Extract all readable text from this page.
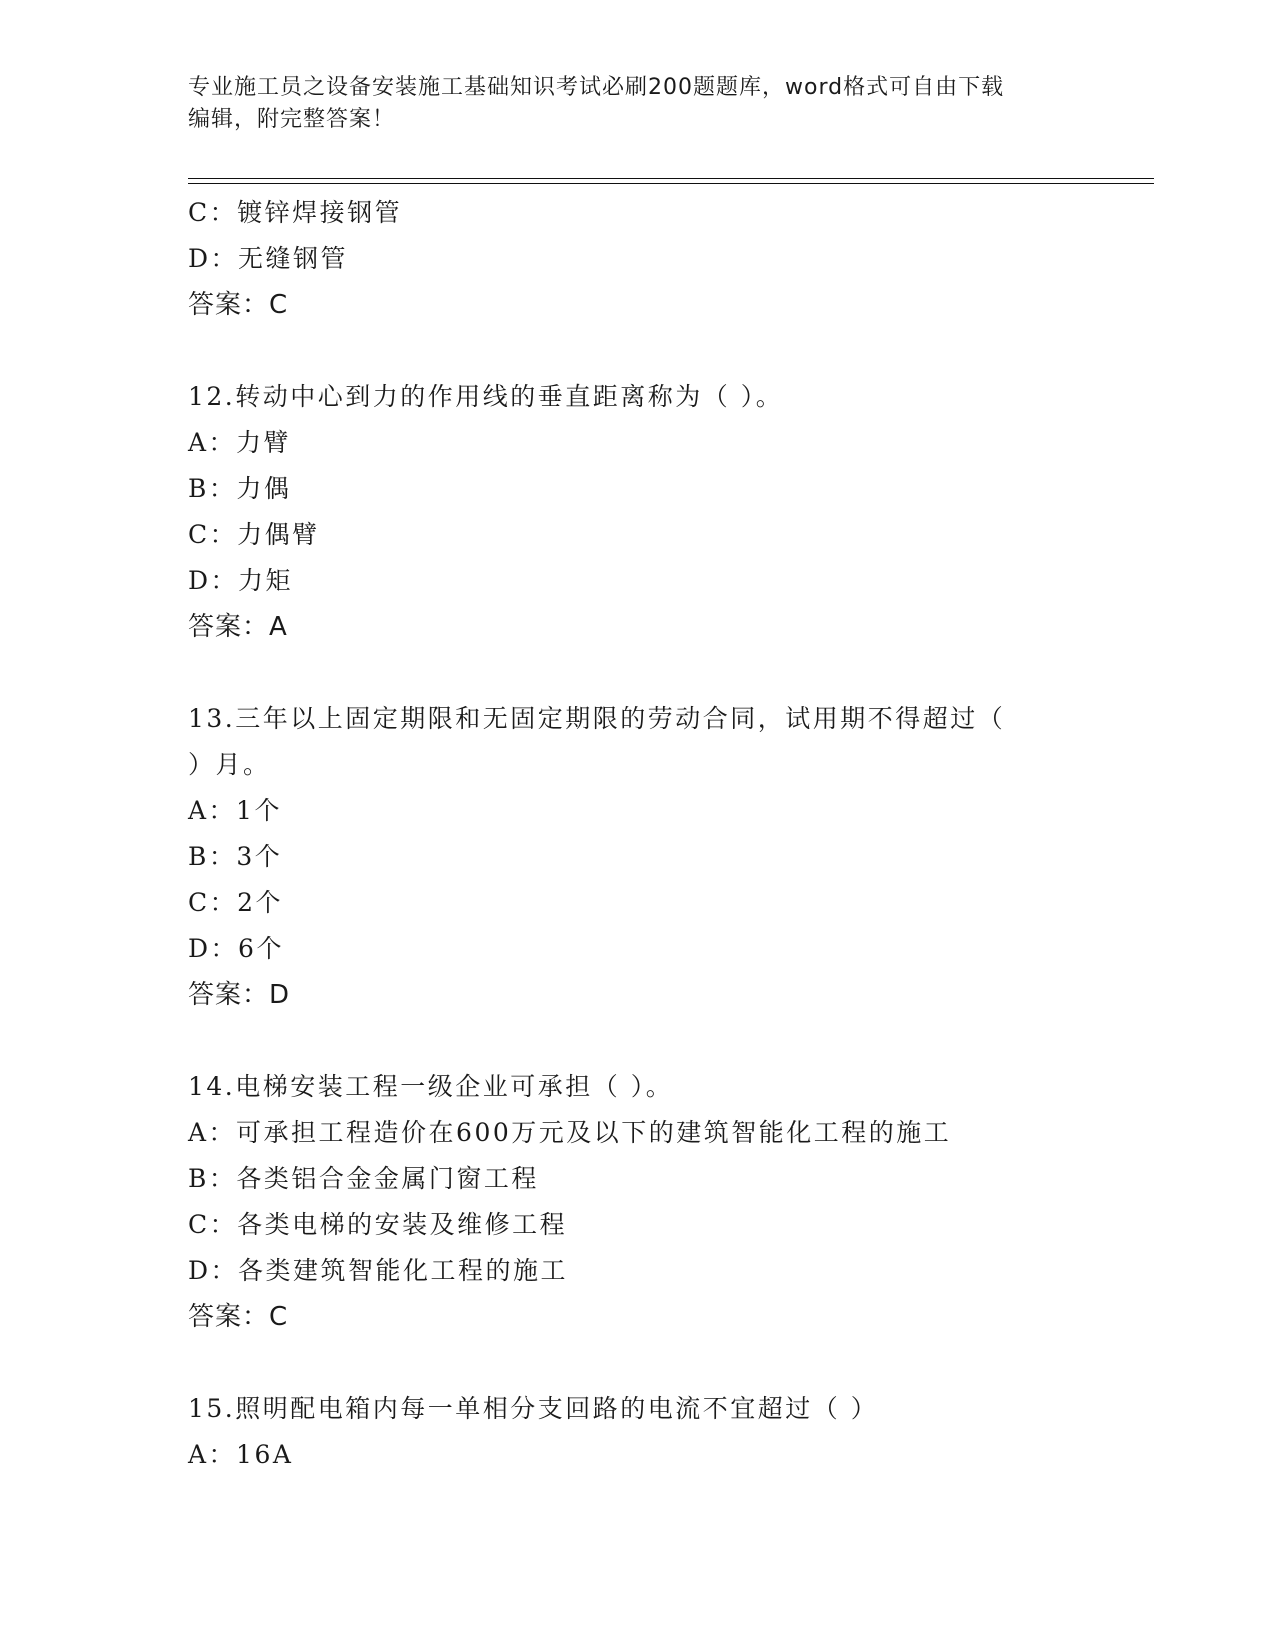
专业施工员之设备安装施工基础知识考试必刷200题题库，word格式可自由下载
编辑，附完整答案！
C：镀锌焊接钢管
D：无缝钢管
答案：C
12.转动中心到力的作用线的垂直距离称为（ ）。
A：力臂
B：力偶
C：力偶臂
D：力矩
答案：A
13.三年以上固定期限和无固定期限的劳动合同，试用期不得超过（
）月。
A：1个
B：3个
C：2个
D：6个
答案：D
14.电梯安装工程一级企业可承担（ ）。
A：可承担工程造价在600万元及以下的建筑智能化工程的施工
B：各类铝合金金属门窗工程
C：各类电梯的安装及维修工程
D：各类建筑智能化工程的施工
答案：C
15.照明配电箱内每一单相分支回路的电流不宜超过（ ）
A：16A
